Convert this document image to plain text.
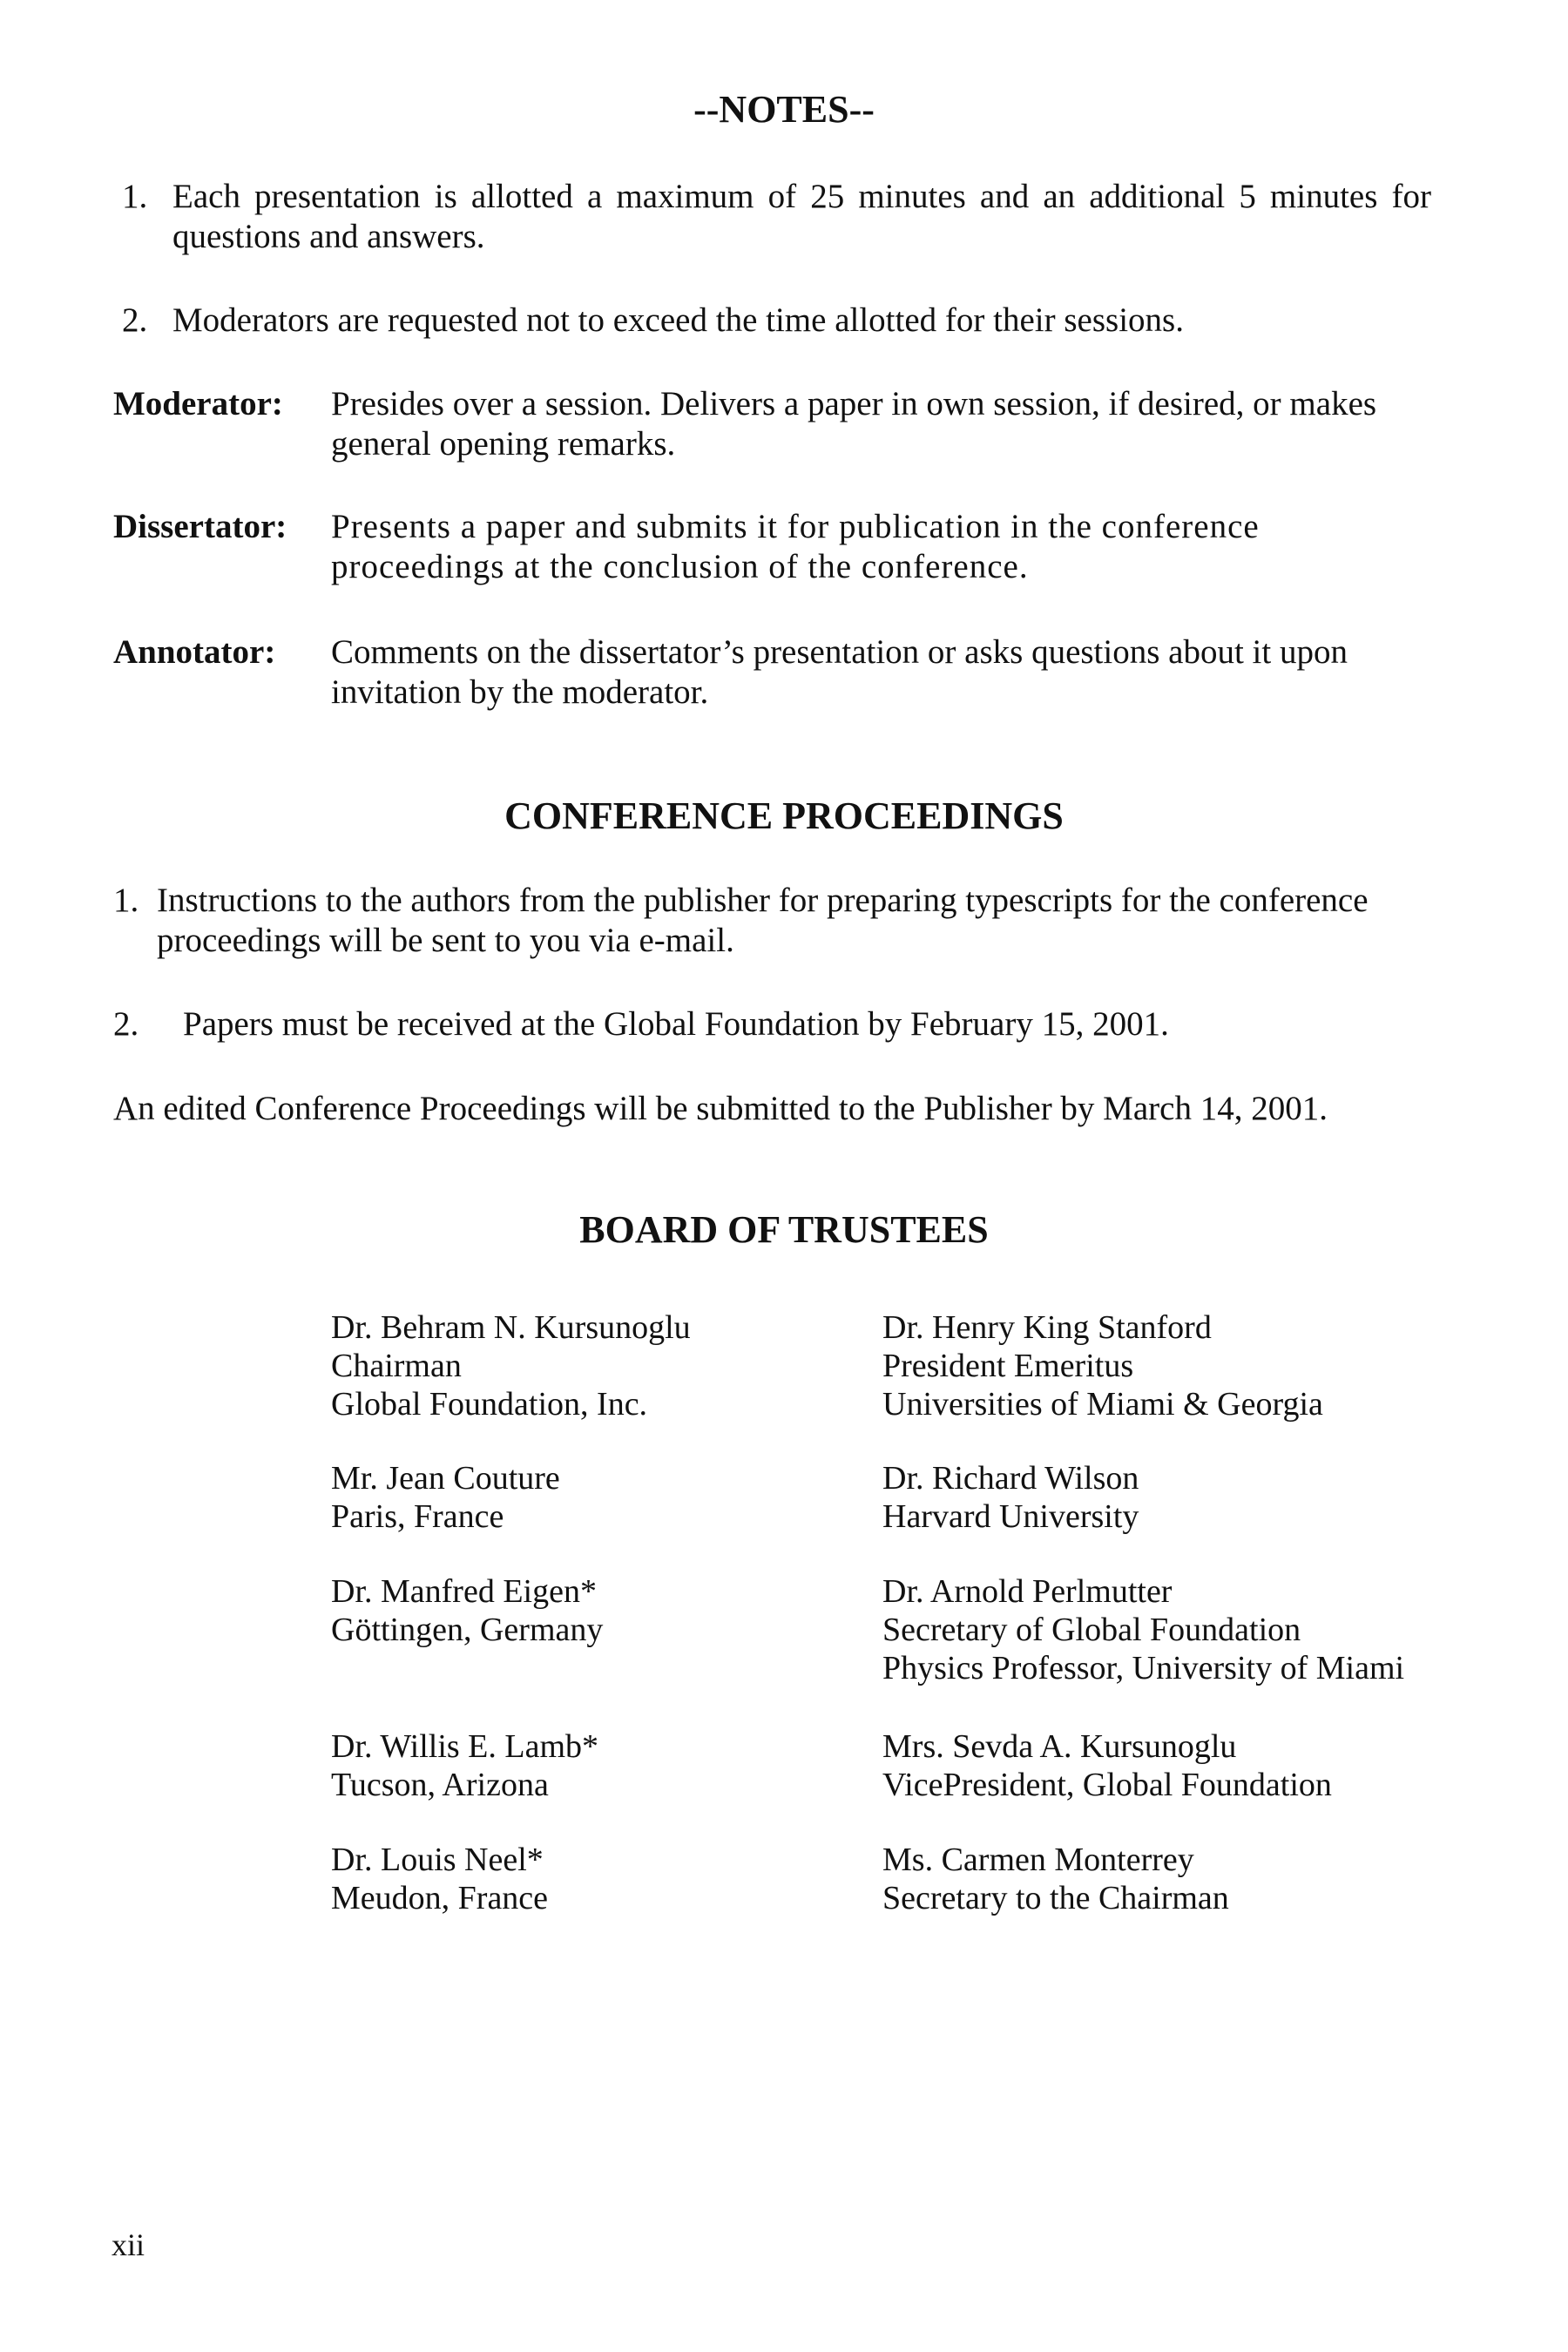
--NOTES--
1. Each presentation is allotted a maximum of 25 minutes and an additional 5 minutes for questions and answers.
2. Moderators are requested not to exceed the time allotted for their sessions.
Moderator: Presides over a session. Delivers a paper in own session, if desired, or makes general opening remarks.
Dissertator: Presents a paper and submits it for publication in the conference proceedings at the conclusion of the conference.
Annotator: Comments on the dissertator’s presentation or asks questions about it upon invitation by the moderator.
CONFERENCE PROCEEDINGS
1. Instructions to the authors from the publisher for preparing typescripts for the conference proceedings will be sent to you via e-mail.
2. Papers must be received at the Global Foundation by February 15, 2001.
An edited Conference Proceedings will be submitted to the Publisher by March 14, 2001.
BOARD OF TRUSTEES
Dr. Behram N. Kursunoglu
Chairman
Global Foundation, Inc.
Mr. Jean Couture
Paris, France
Dr. Manfred Eigen*
Göttingen, Germany
Dr. Willis E. Lamb*
Tucson, Arizona
Dr. Louis Neel*
Meudon, France
Dr. Henry King Stanford
President Emeritus
Universities of Miami & Georgia
Dr. Richard Wilson
Harvard University
Dr. Arnold Perlmutter
Secretary of Global Foundation
Physics Professor, University of Miami
Mrs. Sevda A. Kursunoglu
VicePresident, Global Foundation
Ms. Carmen Monterrey
Secretary to the Chairman
xii
